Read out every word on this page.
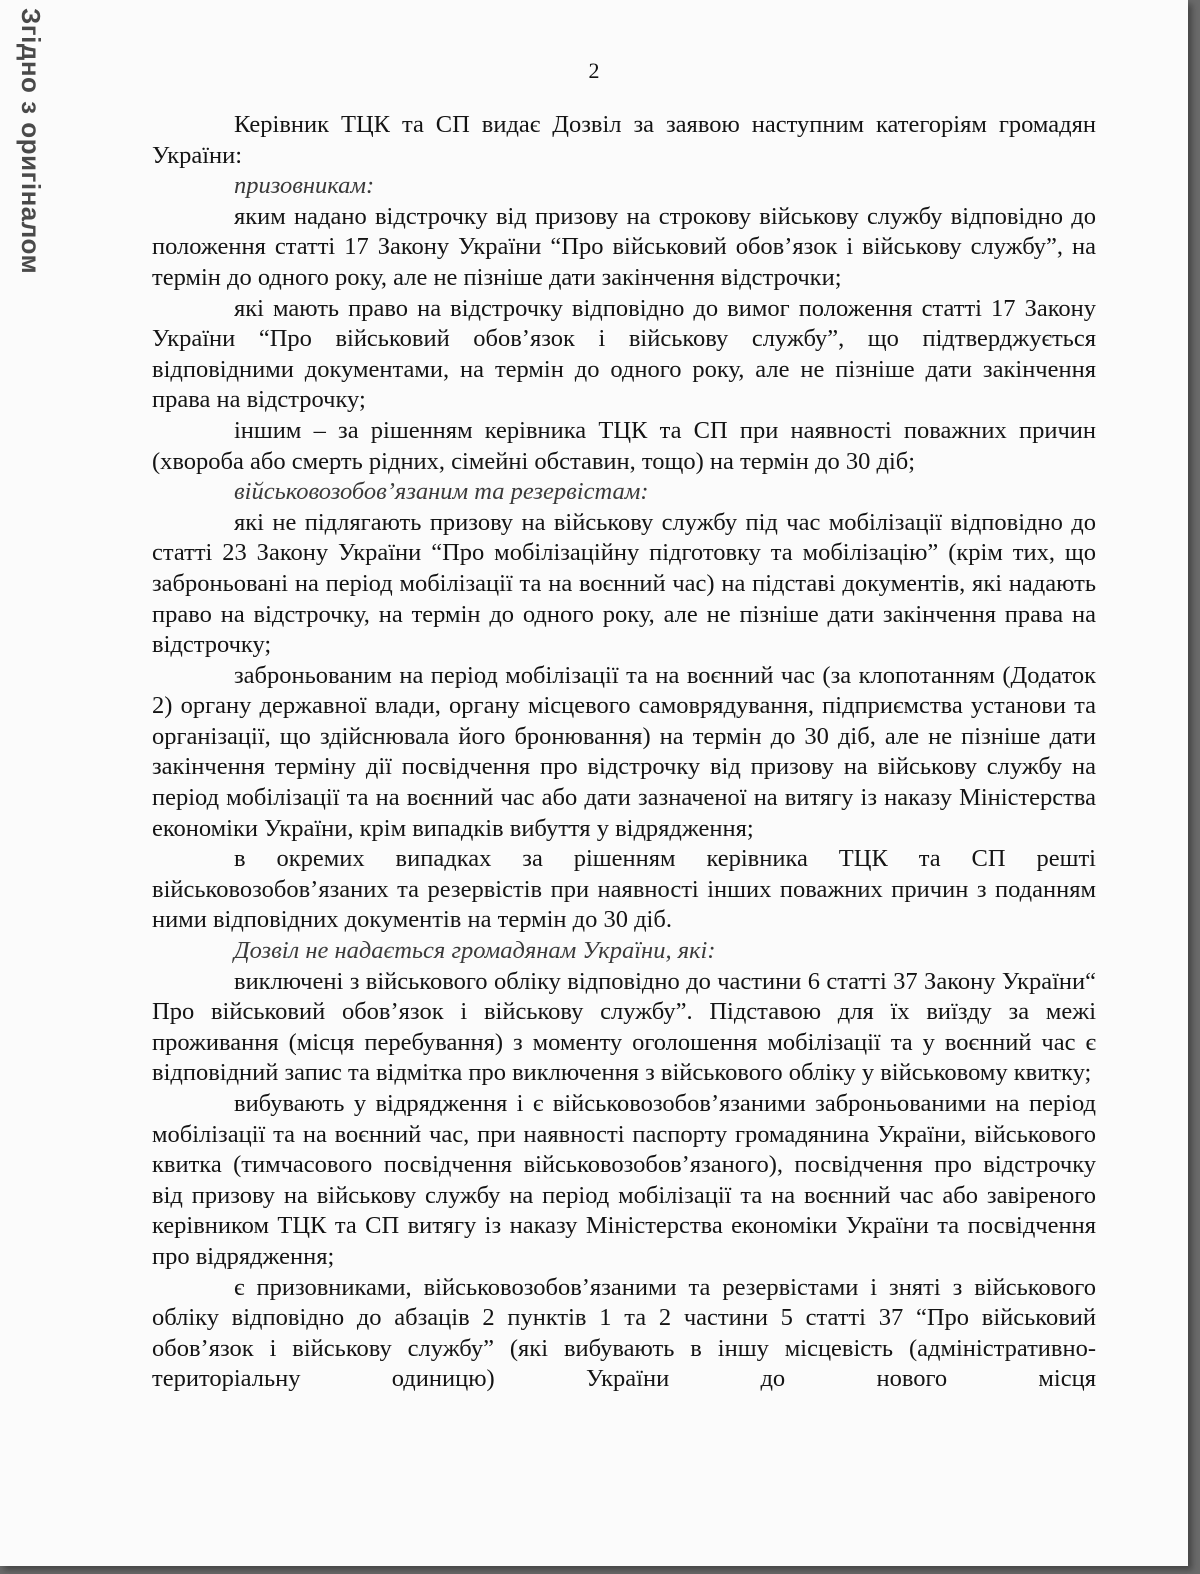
Згідно з оригіналом	2

Керівник ТЦК та СП видає Дозвіл за заявою наступним категоріям громадян України:

призовникам:

яким надано відстрочку від призову на строкову військову службу відповідно до положення статті 17 Закону України “Про військовий обов’язок і військову службу”, на термін до одного року, але не пізніше дати закінчення відстрочки;

які мають право на відстрочку відповідно до вимог положення статті 17 Закону України “Про військовий обов’язок і військову службу”, що підтверджується відповідними документами, на термін до одного року, але не пізніше дати закінчення права на відстрочку;

іншим – за рішенням керівника ТЦК та СП при наявності поважних причин (хвороба або смерть рідних, сімейні обставин, тощо) на термін до 30 діб;

військовозобов’язаним та резервістам:

які не підлягають призову на військову службу під час мобілізації відповідно до статті 23 Закону України “Про мобілізаційну підготовку та мобілізацію” (крім тих, що заброньовані на період мобілізації та на воєнний час) на підставі документів, які надають право на відстрочку, на термін до одного року, але не пізніше дати закінчення права на відстрочку;

заброньованим на період мобілізації та на воєнний час (за клопотанням (Додаток 2) органу державної влади, органу місцевого самоврядування, підприємства установи та організації, що здійснювала його бронювання) на термін до 30 діб, але не пізніше дати закінчення терміну дії посвідчення про відстрочку від призову на військову службу на період мобілізації та на воєнний час або дати зазначеної на витягу із наказу Міністерства економіки України, крім випадків вибуття у відрядження;

в окремих випадках за рішенням керівника ТЦК та СП решті військовозобов’язаних та резервістів при наявності інших поважних причин з поданням ними відповідних документів на термін до 30 діб.

Дозвіл не надається громадянам України, які:

виключені з військового обліку відповідно до частини 6 статті 37 Закону України“ Про військовий обов’язок і військову службу”. Підставою для їх виїзду за межі проживання (місця перебування) з моменту оголошення мобілізації та у воєнний час є відповідний запис та відмітка про виключення з військового обліку у військовому квитку;

вибувають у відрядження і є військовозобов’язаними заброньованими на період мобілізації та на воєнний час, при наявності паспорту громадянина України, військового квитка (тимчасового посвідчення військовозобов’язаного), посвідчення про відстрочку від призову на військову службу на період мобілізації та на воєнний час або завіреного керівником ТЦК та СП витягу із наказу Міністерства економіки України та посвідчення про відрядження;

є призовниками, військовозобов’язаними та резервістами і зняті з військового обліку відповідно до абзаців 2 пунктів 1 та 2 частини 5 статті 37 “Про військовий обов’язок і військову службу” (які вибувають в іншу місцевість (адміністративно-територіальну одиницю) України до нового місця
